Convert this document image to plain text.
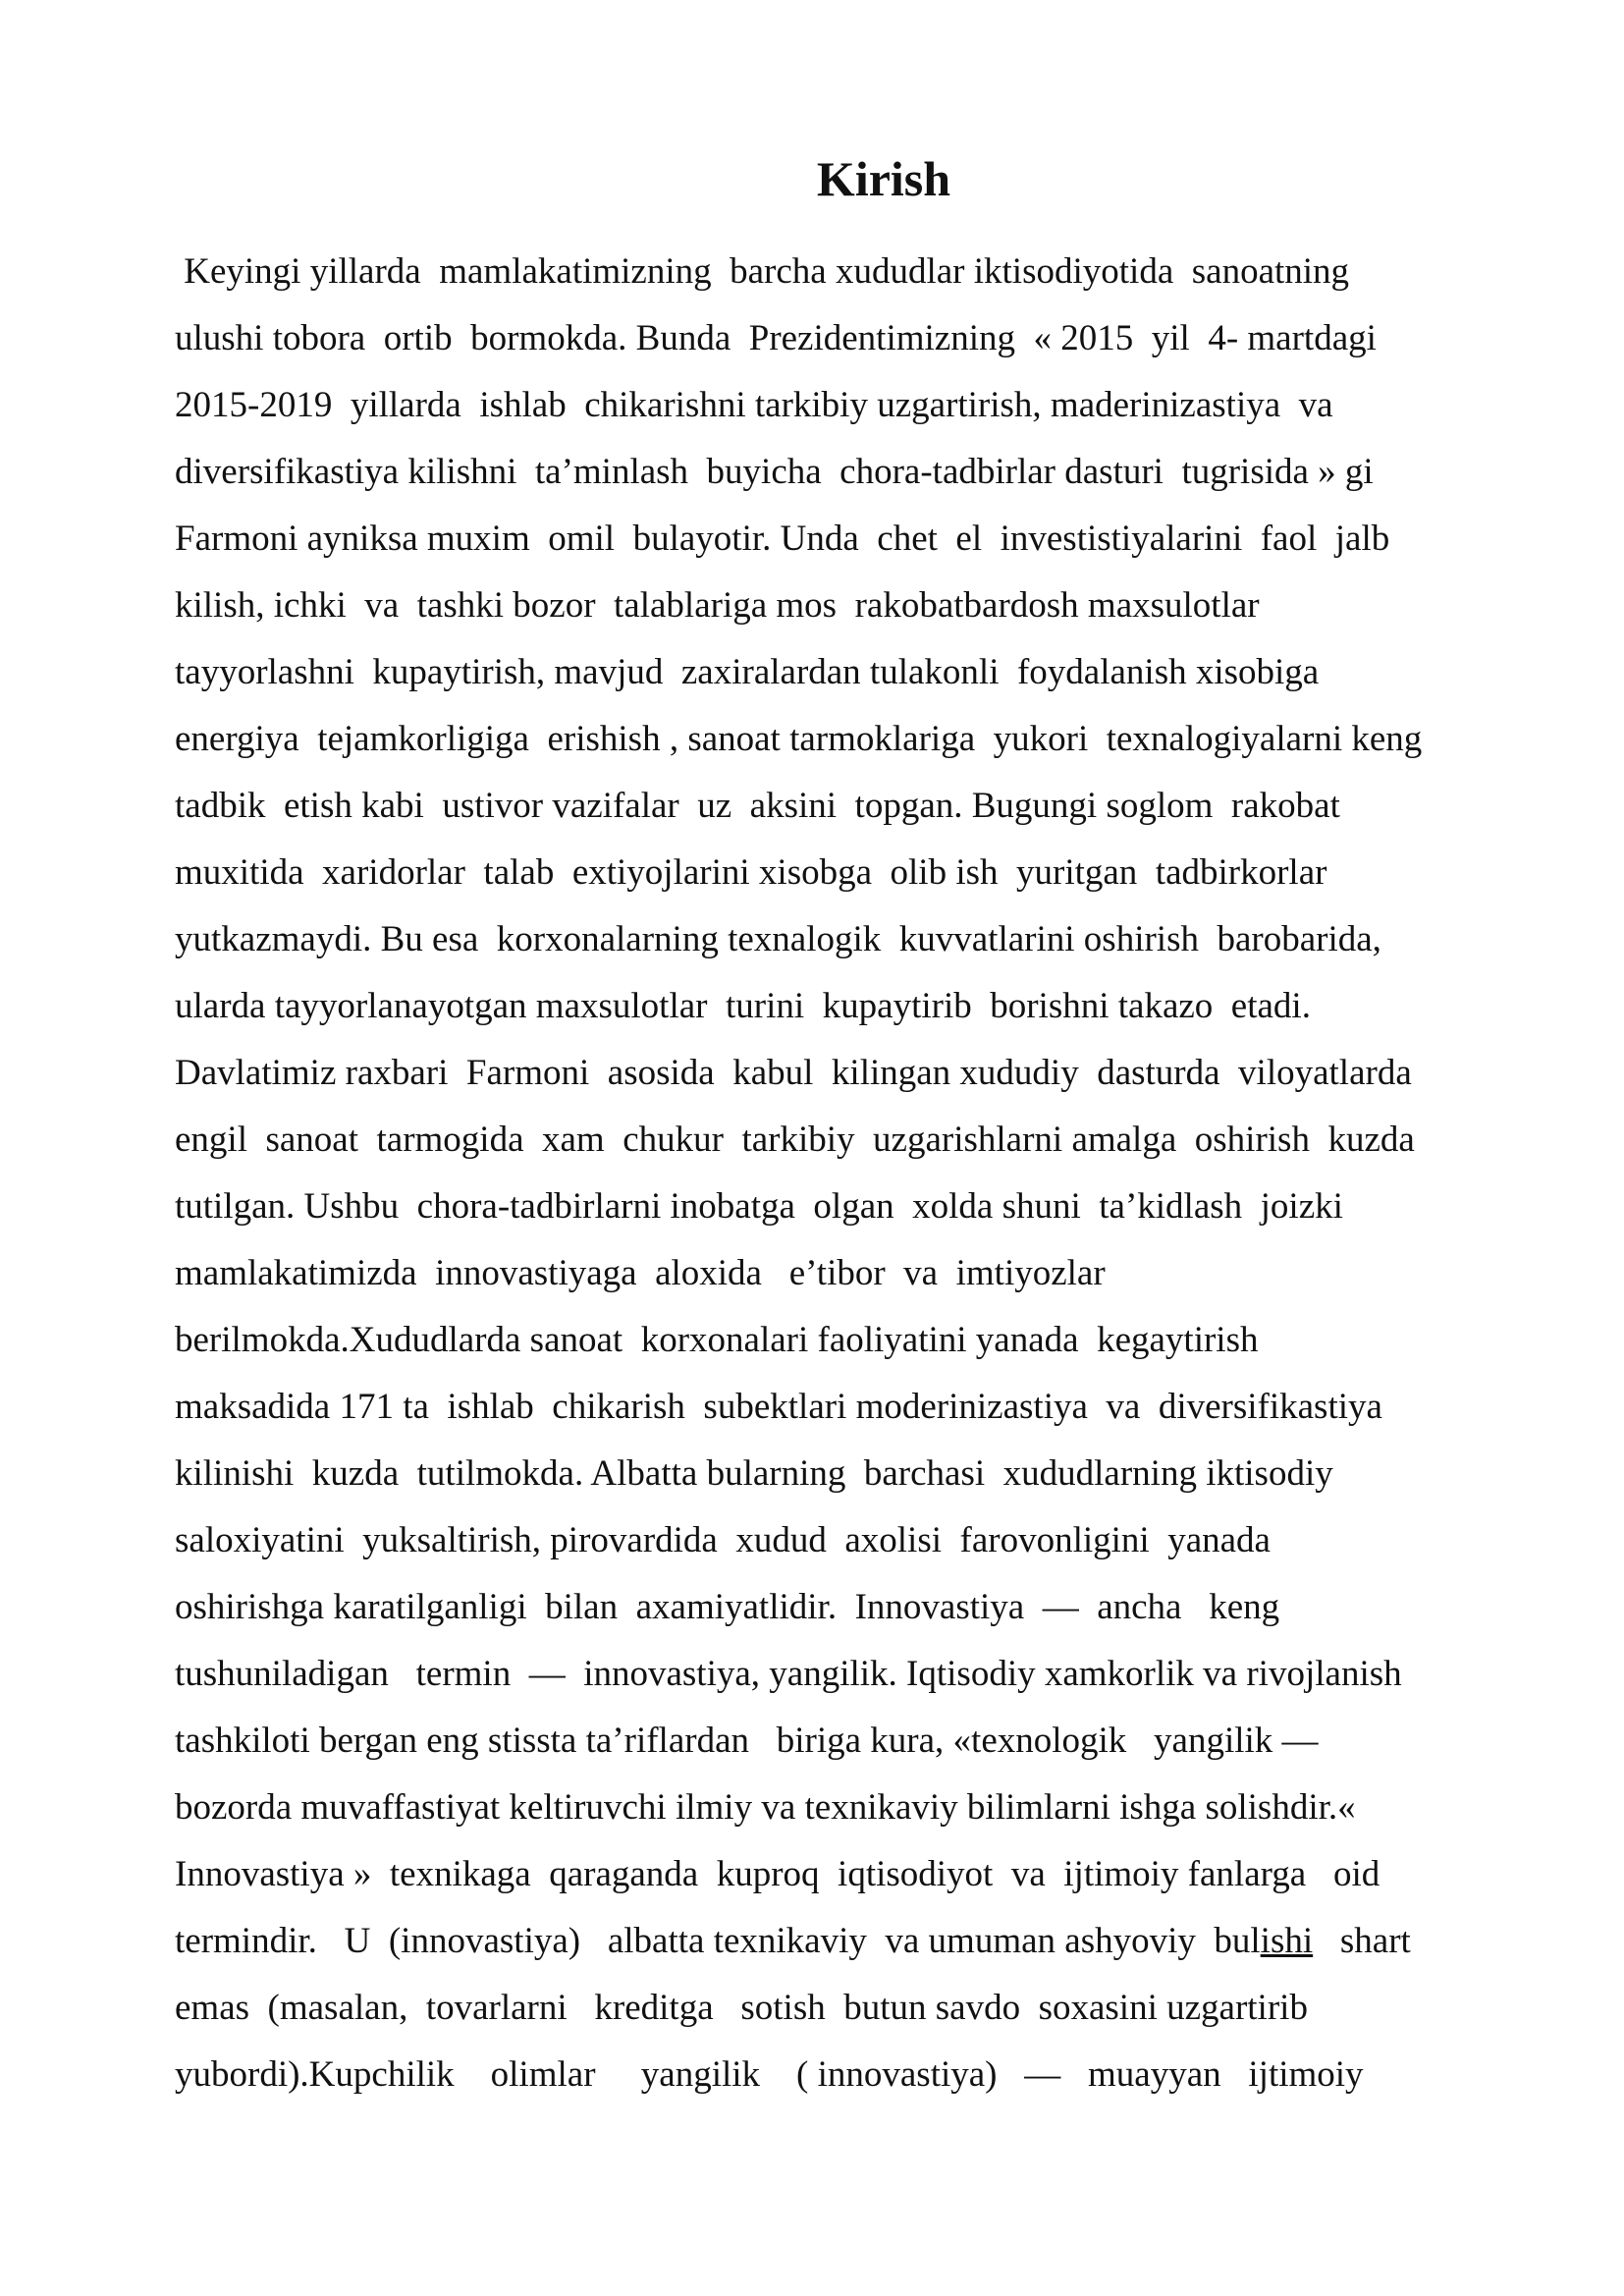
Kirish
Keyingi yillarda  mamlakatimizning  barcha xududlar iktisodiyotida  sanoatning
ulushi tobora  ortib  bormokda. Bunda  Prezidentimizning  « 2015  yil  4- martdagi
2015-2019  yillarda  ishlab  chikarishni tarkibiy uzgartirish, maderinizastiya  va
diversifikastiya kilishni  ta’minlash  buyicha  chora-tadbirlar dasturi  tugrisida » gi
Farmoni ayniksa muxim  omil  bulayotir. Unda  chet  el  investistiyalarini  faol  jalb
kilish, ichki  va  tashki bozor  talablariga mos  rakobatbardosh maxsulotlar
tayyorlashni  kupaytirish, mavjud  zaxiralardan tulakonli  foydalanish xisobiga
energiya  tejamkorligiga  erishish , sanoat tarmoklariga  yukori  texnalogiyalarni keng
tadbik  etish kabi  ustivor vazifalar  uz  aksini  topgan. Bugungi soglom  rakobat
muxitida  xaridorlar  talab  extiyojlarini xisobga  olib ish  yuritgan  tadbirkorlar
yutkazmaydi. Bu esa  korxonalarning texnalogik  kuvvatlarini oshirish  barobarida,
ularda tayyorlanayotgan maxsulotlar  turini  kupaytirib  borishni takazo  etadi.
Davlatimiz raxbari  Farmoni  asosida  kabul  kilingan xududiy  dasturda  viloyatlarda
engil  sanoat  tarmogida  xam  chukur  tarkibiy  uzgarishlarni amalga  oshirish  kuzda
tutilgan. Ushbu  chora-tadbirlarni inobatga  olgan  xolda shuni  ta’kidlash  joizki
mamlakatimizda  innovastiyaga  aloxida   e’tibor  va  imtiyozlar
berilmokda.Xududlarda sanoat  korxonalari faoliyatini yanada  kegaytirish
maksadida 171 ta  ishlab  chikarish  subektlari moderinizastiya  va  diversifikastiya
kilinishi  kuzda  tutilmokda. Albatta bularning  barchasi  xududlarning iktisodiy
saloxiyatini  yuksaltirish, pirovardida  xudud  axolisi  farovonligini  yanada
oshirishga karatilganligi  bilan  axamiyatlidir.  Innovastiya  —  ancha   keng
tushuniladigan   termin  —  innovastiya, yangilik. Iqtisodiy xamkorlik va rivojlanish
tashkiloti bergan eng stisstа ta’riflardan   biriga kura, «texnologik   yangilik —
bozorda muvaffastiyat keltiruvchi ilmiy va texnikaviy bilimlarni ishga solishdir.«
Innovastiya »  texnikaga  qaraganda  kuproq  iqtisodiyot  va  ijtimoiy fanlarga   oid
termindir.   U  (innovastiya)   albatta texnikaviy  va umuman ashyoviy  bulishi   shart
emas  (masalan,  tovarlarni   kreditga   sotish  butun savdo  soxasini uzgartirib
yubordi).Kupchilik    olimlar     yangilik    ( innovastiya)   —   muayyan   ijtimoiy
